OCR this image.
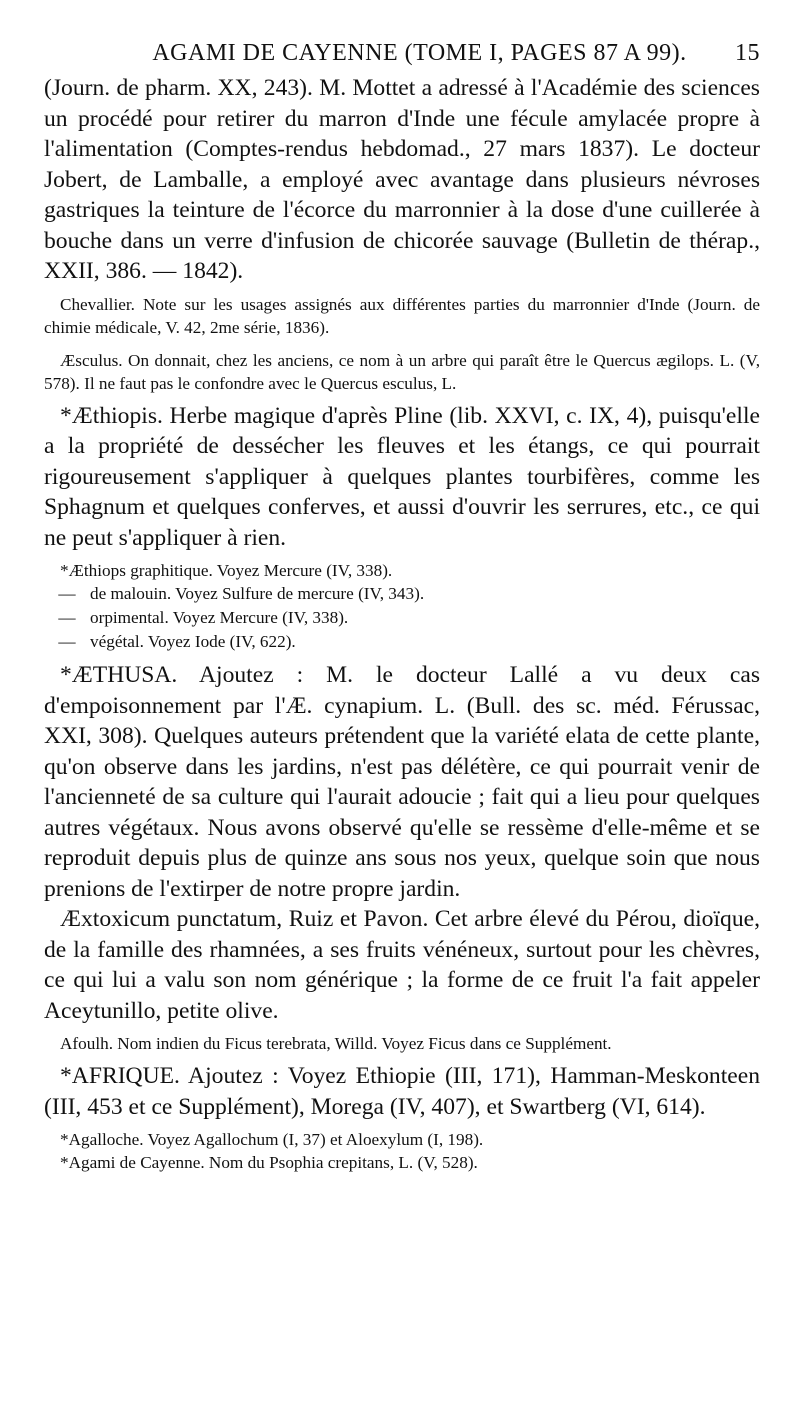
AGAMI DE CAYENNE (TOME I, PAGES 87 A 99).	15

(Journ. de pharm. XX, 243). M. Mottet a adressé à l'Académie des sciences un procédé pour retirer du marron d'Inde une fécule amylacée propre à l'alimentation (Comptes-rendus hebdomad., 27 mars 1837). Le docteur Jobert, de Lamballe, a employé avec avantage dans plusieurs névroses gastriques la teinture de l'écorce du marronnier à la dose d'une cuillerée à bouche dans un verre d'infusion de chicorée sauvage (Bulletin de thérap., XXII, 386. — 1842).

Chevallier. Note sur les usages assignés aux différentes parties du marronnier d'Inde (Journ. de chimie médicale, V. 42, 2me série, 1836).

Æsculus. On donnait, chez les anciens, ce nom à un arbre qui paraît être le Quercus ægilops. L. (V, 578). Il ne faut pas le confondre avec le Quercus esculus, L.

*Æthiopis. Herbe magique d'après Pline (lib. XXVI, c. IX, 4), puisqu'elle a la propriété de dessécher les fleuves et les étangs, ce qui pourrait rigoureusement s'appliquer à quelques plantes tourbifères, comme les Sphagnum et quelques conferves, et aussi d'ouvrir les serrures, etc., ce qui ne peut s'appliquer à rien.

*Æthiops graphitique. Voyez Mercure (IV, 338).

— de malouin. Voyez Sulfure de mercure (IV, 343).
— orpimental. Voyez Mercure (IV, 338).
— végétal. Voyez Iode (IV, 622).

*ÆTHUSA. Ajoutez : M. le docteur Lallé a vu deux cas d'empoisonnement par l'Æ. cynapium. L. (Bull. des sc. méd. Férussac, XXI, 308). Quelques auteurs prétendent que la variété elata de cette plante, qu'on observe dans les jardins, n'est pas délétère, ce qui pourrait venir de l'ancienneté de sa culture qui l'aurait adoucie ; fait qui a lieu pour quelques autres végétaux. Nous avons observé qu'elle se ressème d'elle-même et se reproduit depuis plus de quinze ans sous nos yeux, quelque soin que nous prenions de l'extirper de notre propre jardin.

Æxtoxicum punctatum, Ruiz et Pavon. Cet arbre élevé du Pérou, dioïque, de la famille des rhamnées, a ses fruits vénéneux, surtout pour les chèvres, ce qui lui a valu son nom générique ; la forme de ce fruit l'a fait appeler Aceytunillo, petite olive.

Afoulh. Nom indien du Ficus terebrata, Willd. Voyez Ficus dans ce Supplément.

*AFRIQUE. Ajoutez : Voyez Ethiopie (III, 171), Hamman-Meskonteen (III, 453 et ce Supplément), Morega (IV, 407), et Swartberg (VI, 614).

*Agalloche. Voyez Agallochum (I, 37) et Aloexylum (I, 198).

*Agami de Cayenne. Nom du Psophia crepitans, L. (V, 528).
